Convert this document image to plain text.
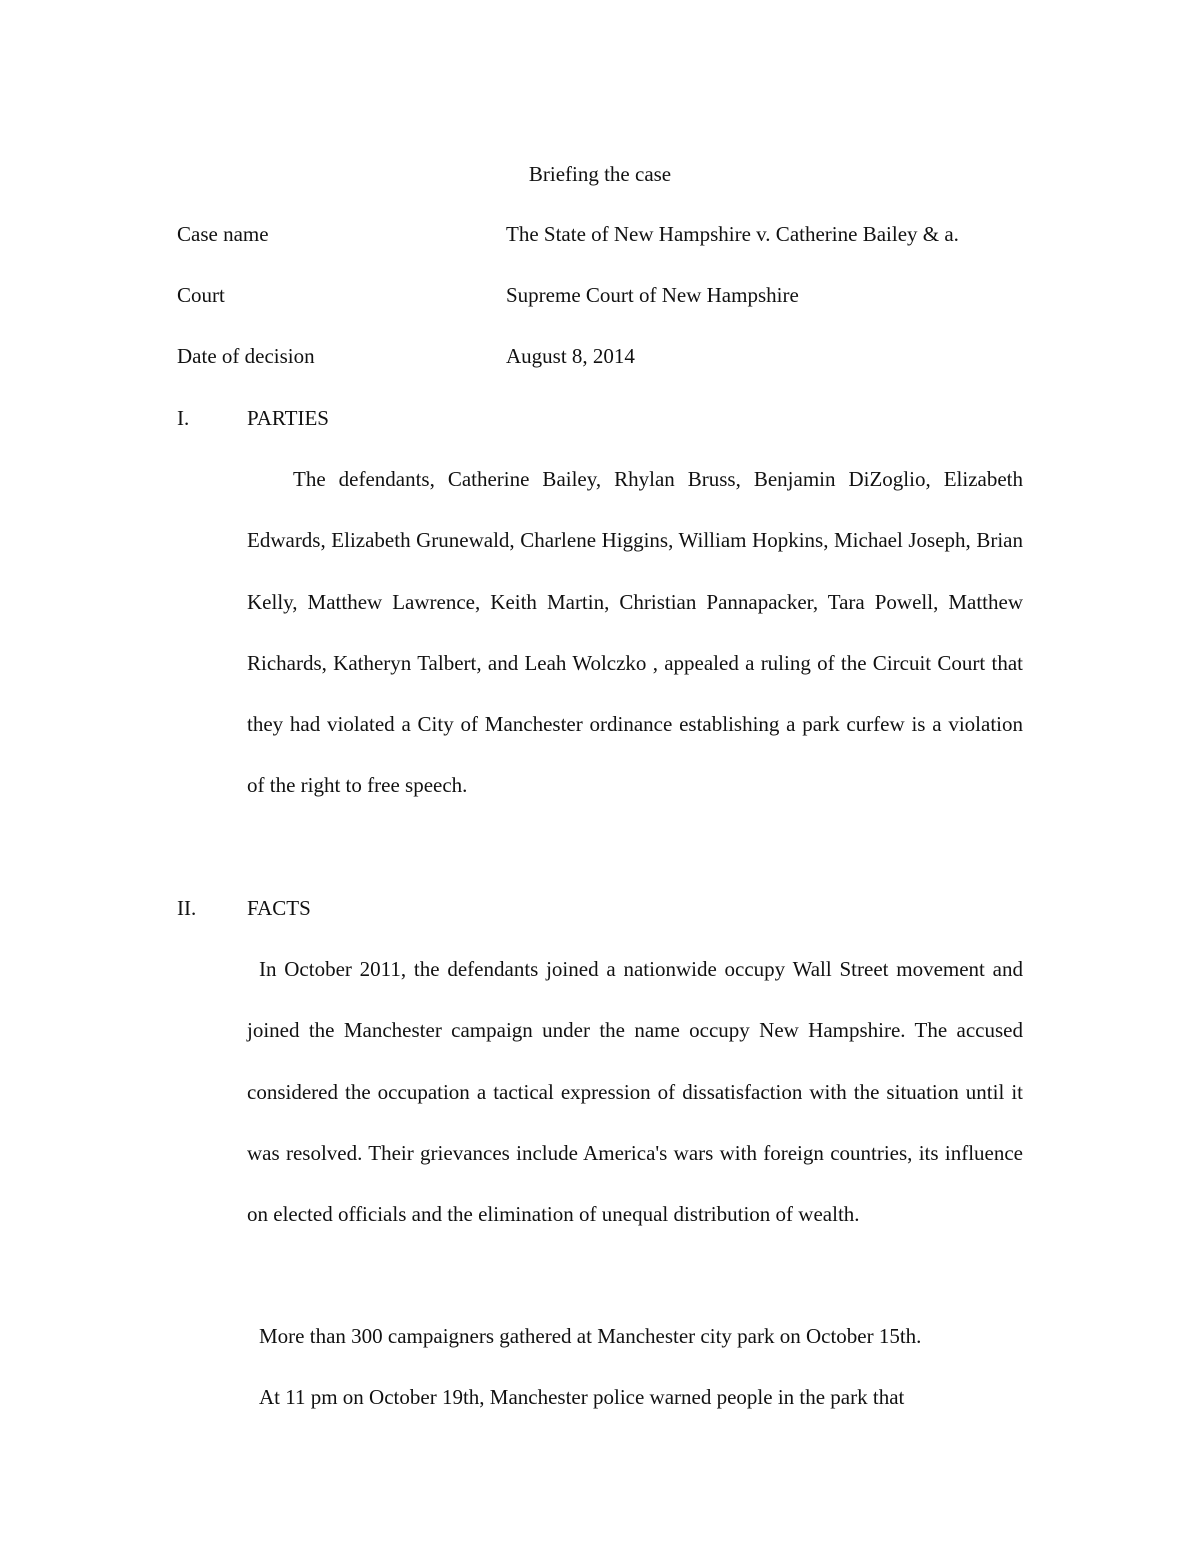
Briefing the case
Case name	The State of New Hampshire v. Catherine Bailey & a.
Court	Supreme Court of New Hampshire
Date of decision	August 8, 2014
I.	PARTIES

The defendants, Catherine Bailey, Rhylan Bruss, Benjamin DiZoglio, Elizabeth Edwards, Elizabeth Grunewald, Charlene Higgins, William Hopkins, Michael Joseph, Brian Kelly, Matthew Lawrence, Keith Martin, Christian Pannapacker, Tara Powell, Matthew Richards, Katheryn Talbert, and Leah Wolczko , appealed a ruling of the Circuit Court that they had violated a City of Manchester ordinance establishing a park curfew is a violation of the right to free speech.

II. FACTS

In October 2011, the defendants joined a nationwide occupy Wall Street movement and joined the Manchester campaign under the name occupy New Hampshire. The accused considered the occupation a tactical expression of dissatisfaction with the situation until it was resolved. Their grievances include America's wars with foreign countries, its influence on elected officials and the elimination of unequal distribution of wealth.

More than 300 campaigners gathered at Manchester city park on October 15th.

At 11 pm on October 19th, Manchester police warned people in the park that
